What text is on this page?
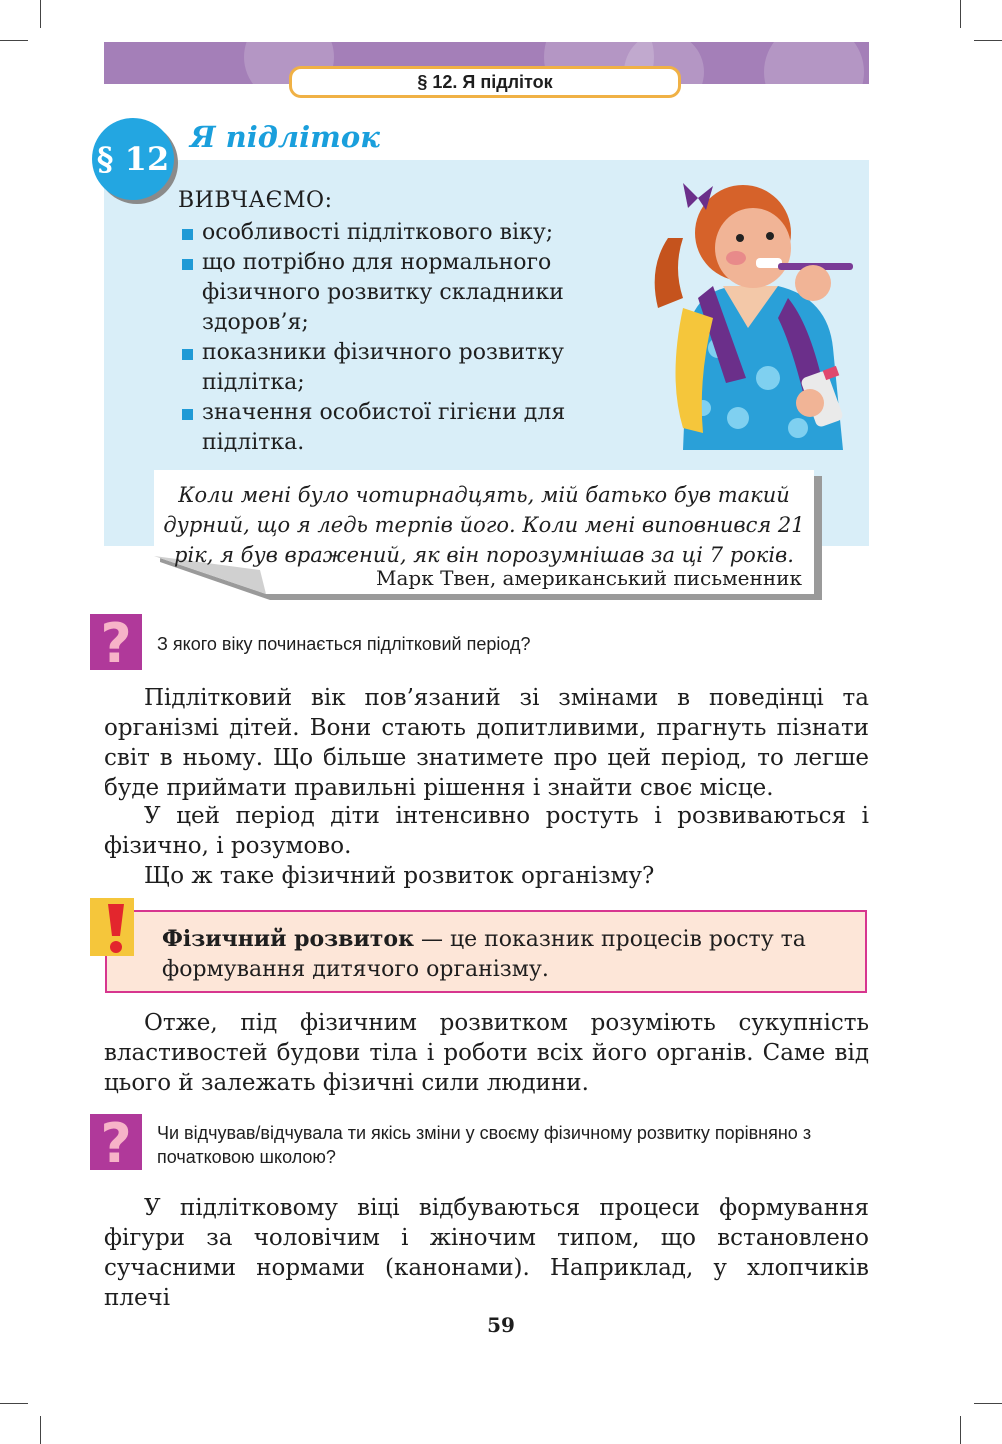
§ 12. Я підліток
§ 12
Я підліток
ВИВЧАЄМО:
особливості підліткового віку;
що потрібно для нормального фізичного розвитку складники здоров’я;
показники фізичного розвитку підлітка;
значення особистої гігієни для підлітка.
Коли мені було чотирнадцять, мій батько був такий дурний, що я ледь терпів його. Коли мені виповнився 21 рік, я був вражений, як він порозумнішав за ці 7 років.
Марк Твен, американський письменник
? З якого віку починається підлітковий період?

Підлітковий вік пов’язаний зі змінами в поведінці та організмі дітей. Вони стають допитливими, прагнуть пізнати світ в ньому. Що більше знатимете про цей період, то легше буде приймати правильні рішення і знайти своє місце.

У цей період діти інтенсивно ростуть і розвиваються і фізично, і розумово.

Що ж таке фізичний розвиток організму?

Фізичний розвиток — це показник процесів росту та формування дитячого організму.

Отже, під фізичним розвитком розуміють сукупність властивостей будови тіла і роботи всіх його органів. Саме від цього й залежать фізичні сили людини.

? Чи відчував/відчувала ти якісь зміни у своєму фізичному розвитку порівняно з початковою школою?

У підлітковому віці відбуваються процеси формування фігури за чоловічим і жіночим типом, що встановлено сучасними нормами (канонами). Наприклад, у хлопчиків плечі

59
